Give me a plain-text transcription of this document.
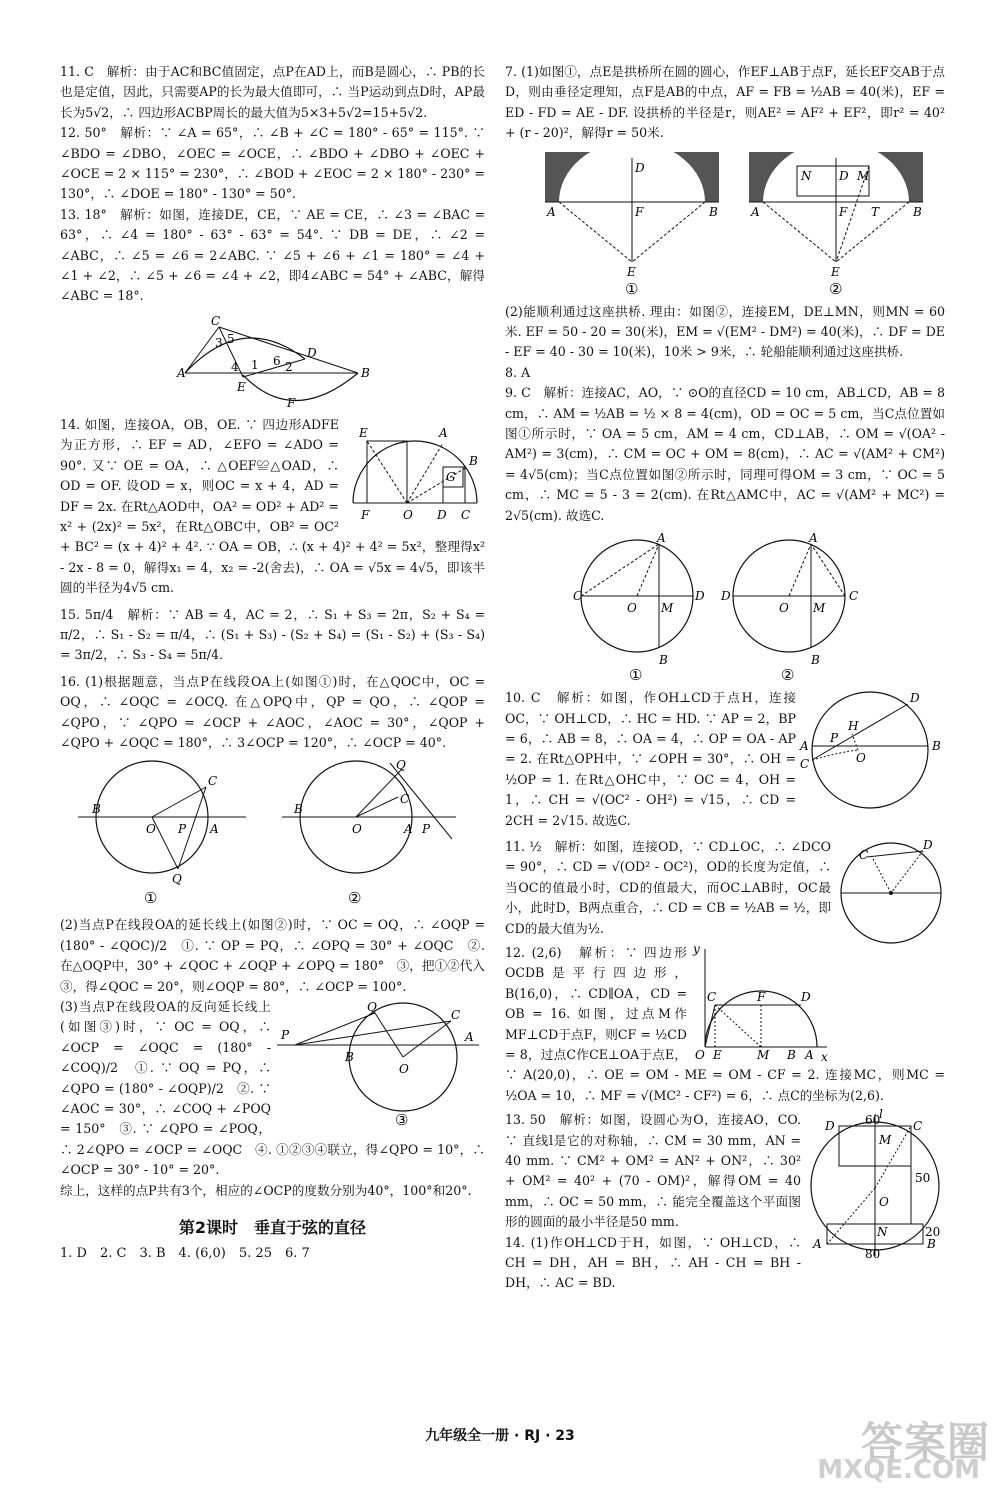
11. C　解析：由于AC和BC值固定，点P在AD上，而B是圆心，∴ PB的长也是定值，因此，只需要AP的长为最大值即可，∴ 当P运动到点D时，AP最长为5√2，∴ 四边形ACBP周长的最大值为5×3+5√2=15+5√2.

12. 50°　解析：∵ ∠A = 65°，∴ ∠B + ∠C = 180° - 65° = 115°. ∵ ∠BDO = ∠DBO，∠OEC = ∠OCE，∴ ∠BDO + ∠DBO + ∠OEC + ∠OCE = 2 × 115° = 230°，∴ ∠BOD + ∠EOC = 2 × 180° - 230° = 130°，∴ ∠DOE = 180° - 130° = 50°.

13. 18°　解析：如图，连接DE，CE，∵ AE = CE，∴ ∠3 = ∠BAC = 63°，∴ ∠4 = 180° - 63° - 63° = 54°. ∵ DB = DE，∴ ∠2 = ∠ABC，∴ ∠5 = ∠6 = 2∠ABC. ∵ ∠5 + ∠6 + ∠1 = 180° = ∠4 + ∠1 + ∠2，∴ ∠5 + ∠6 = ∠4 + ∠2，即4∠ABC = 54° + ∠ABC，解得∠ABC = 18°.

A	B
C
D
E
F
1 2
3
4
5
6
E	A
G
B
F	O D C

14. 如图，连接OA，OB，OE. ∵ 四边形ADFE为正方形，∴ EF = AD，∠EFO = ∠ADO = 90°. 又∵ OE = OA，∴ △OEF≌△OAD，∴ OD = OF. 设OD = x，则OC = x + 4，AD = DF = 2x. 在Rt△AOD中，OA² = OD² + AD² = x² + (2x)² = 5x²，在Rt△OBC中，OB² = OC² + BC² = (x + 4)² + 4². ∵ OA = OB，∴ (x + 4)² + 4² = 5x²，整理得x² - 2x - 8 = 0，解得x₁ = 4，x₂ = -2(舍去)，∴ OA = √5x = 4√5，即该半圆的半径为4√5 cm.

15. 5π/4　解析：∵ AB = 4，AC = 2，∴ S₁ + S₃ = 2π，S₂ + S₄ = π/2，∴ S₁ - S₂ = π/4，∴ (S₁ + S₃) - (S₂ + S₄) = (S₁ - S₂) + (S₃ - S₄) = 3π/2，∴ S₃ - S₄ = 5π/4.

16. (1)根据题意，当点P在线段OA上(如图①)时，在△QOC中，OC = OQ，∴ ∠OQC = ∠OCQ. 在△OPQ中，QP = QO，∴ ∠QOP = ∠QPO，∵ ∠QPO = ∠OCP + ∠AOC，∠AOC = 30°，∠QOP + ∠QPO + ∠OQC = 180°，∴ 3∠OCP = 120°，∴ ∠OCP = 40°.

B
O P A
C
Q
①
B
O	A P
C
Q
②

(2)当点P在线段OA的延长线上(如图②)时，∵ OC = OQ，∴ ∠OQP = (180° - ∠QOC)/2　①. ∵ OP = PQ，∴ ∠OPQ = 30° + ∠OQC　②. 在△OQP中，30° + ∠QOC + ∠OQP + ∠OPQ = 180°　③，把①②代入③，得∠QOC = 20°，则∠OQP = 80°，∴ ∠OCP = 100°.

P
Q
C
B
O
A
③

(3)当点P在线段OA的反向延长线上(如图③)时，∵ OC = OQ，∴ ∠OCP = ∠OQC = (180° - ∠COQ)/2　①. ∵ OQ = PQ，∴ ∠QPO = (180° - ∠OQP)/2　②. ∵ ∠AOC = 30°，∴ ∠COQ + ∠POQ = 150°　③. ∵ ∠QPO = ∠POQ，∴ 2∠QPO = ∠OCP = ∠OQC　④. ①②③④联立，得∠QPO = 10°，∴ ∠OCP = 30° - 10° = 20°.

综上，这样的点P共有3个，相应的∠OCP的度数分别为40°，100°和20°.

第2课时　垂直于弦的直径

1. D　2. C　3. B　4. (6,0)　5. 25　6. 7

7. (1)如图①，点E是拱桥所在圆的圆心，作EF⊥AB于点F，延长EF交AB于点D，则由垂径定理知，点F是AB的中点，AF = FB = ½AB = 40(米)，EF = ED - FD = AE - DF. 设拱桥的半径是r，则AE² = AF² + EF²，即r² = 40² + (r - 20)²，解得r = 50米.

A	B
D
F
E
①
A	B
N D M
F T
E
②

(2)能顺利通过这座拱桥. 理由：如图②，连接EM，DE⊥MN，则MN = 60米. EF = 50 - 20 = 30(米)，EM = √(EM² - DM²) = 40(米)，∴ DF = DE - EF = 40 - 30 = 10(米)，10米 > 9米，∴ 轮船能顺利通过这座拱桥.

8. A

9. C　解析：连接AC，AO，∵ ⊙O的直径CD = 10 cm，AB⊥CD，AB = 8 cm，∴ AM = ½AB = ½ × 8 = 4(cm)，OD = OC = 5 cm，当C点位置如图①所示时，∵ OA = 5 cm，AM = 4 cm，CD⊥AB，∴ OM = √(OA² - AM²) = 3(cm)，∴ CM = OC + OM = 8(cm)，∴ AC = √(AM² + CM²) = 4√5(cm)；当C点位置如图②所示时，同理可得OM = 3 cm，∵ OC = 5 cm，∴ MC = 5 - 3 = 2(cm). 在Rt△AMC中，AC = √(AM² + MC²) = 2√5(cm). 故选C.

A
B
C	D
O M
①
A
B
D	C
O M
②
D
B
A
C
H
P
O

10. C　解析：如图，作OH⊥CD于点H，连接OC，∵ OH⊥CD，∴ HC = HD. ∵ AP = 2，BP = 6，∴ AB = 8，∴ OA = 4，∴ OP = OA - AP = 2. 在Rt△OPH中，∵ ∠OPH = 30°，∴ OH = ½OP = 1. 在Rt△OHC中，∵ OC = 4，OH = 1，∴ CH = √(OC² - OH²) = √15，∴ CD = 2CH = 2√15. 故选C.

C
D

11. ½　解析：如图，连接OD，∵ CD⊥OC，∴ ∠DCO = 90°，∴ CD = √(OD² - OC²)，OD的长度为定值，∴ 当OC的值最小时，CD的值最大，而OC⊥AB时，OC最小，此时D，B两点重合，∴ CD = CB = ½AB = ½，即CD的最大值为½.

y
x
C	D
F
O E	M B A

12. (2,6)　解析：∵ 四边形OCDB是平行四边形，B(16,0)，∴ CD∥OA，CD = OB = 16. 如图，过点M作MF⊥CD于点F，则CF = ½CD = 8，过点C作CE⊥OA于点E，∵ A(20,0)，∴ OE = OM - ME = OM - CF = 2. 连接MC，则MC = ½OA = 10，∴ MF = √(MC² - CF²) = 6，∴ 点C的坐标为(2,6).

l
D	C
M
O
N
A	B
60
50
20
80

13. 50　解析：如图，设圆心为O，连接AO，CO. ∵ 直线l是它的对称轴，∴ CM = 30 mm，AN = 40 mm. ∵ CM² + OM² = AN² + ON²，∴ 30² + OM² = 40² + (70 - OM)²，解得OM = 40 mm，∴ OC = 50 mm，∴ 能完全覆盖这个平面图形的圆面的最小半径是50 mm.

14. (1)作OH⊥CD于H，如图，∵ OH⊥CD，∴ CH = DH，AH = BH，∴ AH - CH = BH - DH，∴ AC = BD.

九年级全一册 · RJ · 23	答案圈
MXQE.COM
